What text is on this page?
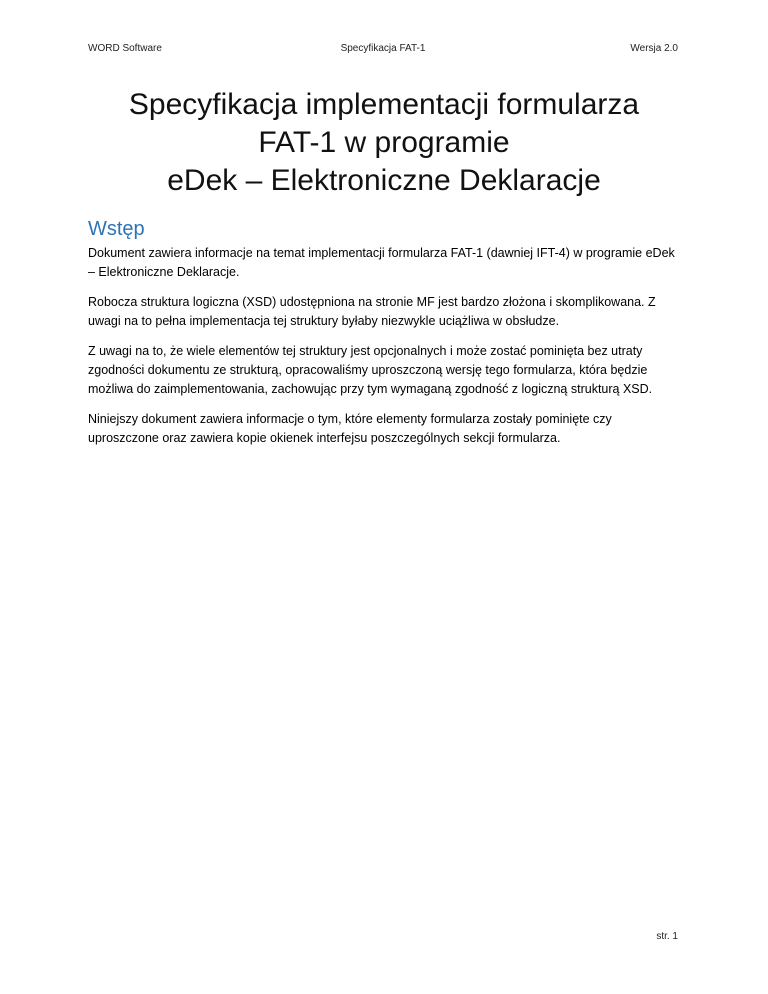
WORD Software	Specyfikacja FAT-1	Wersja 2.0
Specyfikacja implementacji formularza
FAT-1 w programie
eDek – Elektroniczne Deklaracje
Wstęp

Dokument zawiera informacje na temat implementacji formularza FAT-1 (dawniej IFT-4) w programie eDek – Elektroniczne Deklaracje.

Robocza struktura logiczna (XSD) udostępniona na stronie MF jest bardzo złożona i skomplikowana. Z uwagi na to pełna implementacja tej struktury byłaby niezwykle uciążliwa w obsłudze.

Z uwagi na to, że wiele elementów tej struktury jest opcjonalnych i może zostać pominięta bez utraty zgodności dokumentu ze strukturą, opracowaliśmy uproszczoną wersję tego formularza, która będzie możliwa do zaimplementowania, zachowując przy tym wymaganą zgodność z logiczną strukturą XSD.

Niniejszy dokument zawiera informacje o tym, które elementy formularza zostały pominięte czy uproszczone oraz zawiera kopie okienek interfejsu poszczególnych sekcji formularza.

str. 1
